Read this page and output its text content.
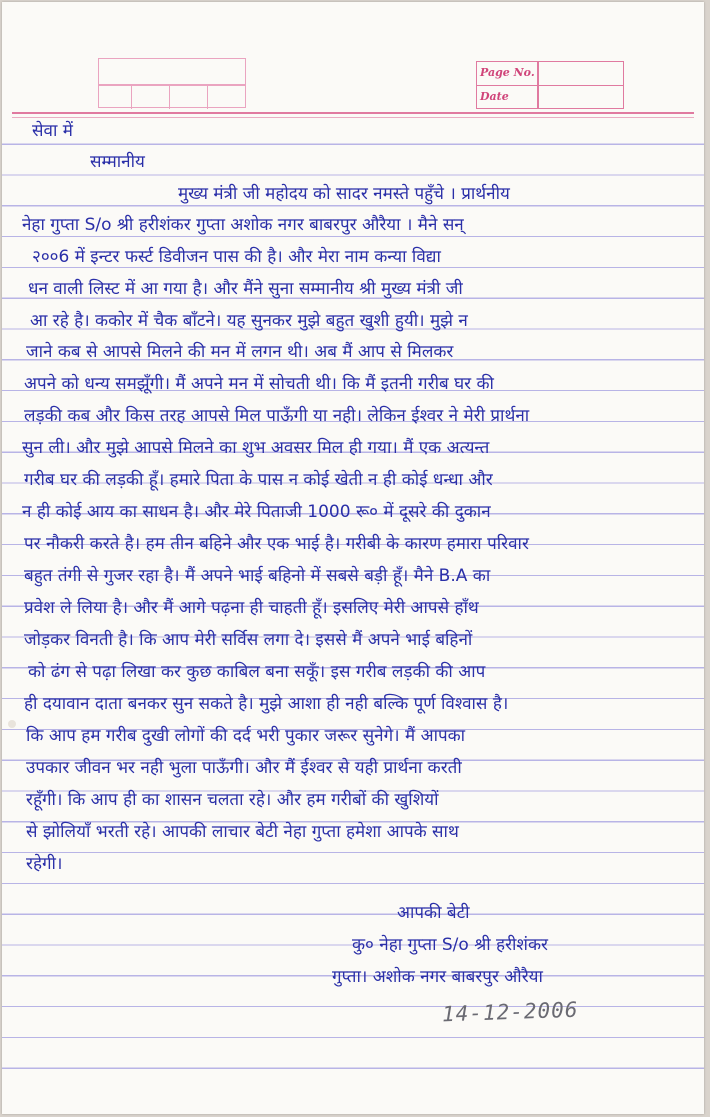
Page No.
Date
सेवा में
सम्मानीय
मुख्य मंत्री जी महोदय को सादर नमस्ते पहुँचे । प्रार्थनीय
नेहा गुप्ता S/o श्री हरीशंकर गुप्ता अशोक नगर बाबरपुर औरैया । मैने सन्
२००6 में इन्टर फर्स्ट डिवीजन पास की है। और मेरा नाम कन्या विद्या
धन वाली लिस्ट में आ गया है। और मैंने सुना सम्मानीय श्री मुख्य मंत्री जी
आ रहे है। ककोर में चैक बाँटने। यह सुनकर मुझे बहुत खुशी हुयी। मुझे न
जाने कब से आपसे मिलने की मन में लगन थी। अब मैं आप से मिलकर
अपने को धन्य समझूँगी। मैं अपने मन में सोचती थी। कि मैं इतनी गरीब घर की
लड़की कब और किस तरह आपसे मिल पाऊँगी या नही। लेकिन ईश्वर ने मेरी प्रार्थना
सुन ली। और मुझे आपसे मिलने का शुभ अवसर मिल ही गया। मैं एक अत्यन्त
गरीब घर की लड़की हूँ। हमारे पिता के पास न कोई खेती न ही कोई धन्धा और
न ही कोई आय का साधन है। और मेरे पिताजी 1000 रू० में दूसरे की दुकान
पर नौकरी करते है। हम तीन बहिने और एक भाई है। गरीबी के कारण हमारा परिवार
बहुत तंगी से गुजर रहा है। मैं अपने भाई बहिनो में सबसे बड़ी हूँ। मैने B.A का
प्रवेश ले लिया है। और मैं आगे पढ़ना ही चाहती हूँ। इसलिए मेरी आपसे हाँथ
जोड़कर विनती है। कि आप मेरी सर्विस लगा दे। इससे मैं अपने भाई बहिनों
को ढंग से पढ़ा लिखा कर कुछ काबिल बना सकूँ। इस गरीब लड़की की आप
ही दयावान दाता बनकर सुन सकते है। मुझे आशा ही नही बल्कि पूर्ण विश्वास है।
कि आप हम गरीब दुखी लोगों की दर्द भरी पुकार जरूर सुनेगे। मैं आपका
उपकार जीवन भर नही भुला पाऊँगी। और मैं ईश्वर से यही प्रार्थना करती
रहूँगी। कि आप ही का शासन चलता रहे। और हम गरीबों की खुशियों
से झोलियाँ भरती रहे। आपकी लाचार बेटी नेहा गुप्ता हमेशा आपके साथ
रहेगी।
आपकी बेटी
कु० नेहा गुप्ता S/o श्री हरीशंकर
गुप्ता। अशोक नगर बाबरपुर औरैया
14-12-2006
